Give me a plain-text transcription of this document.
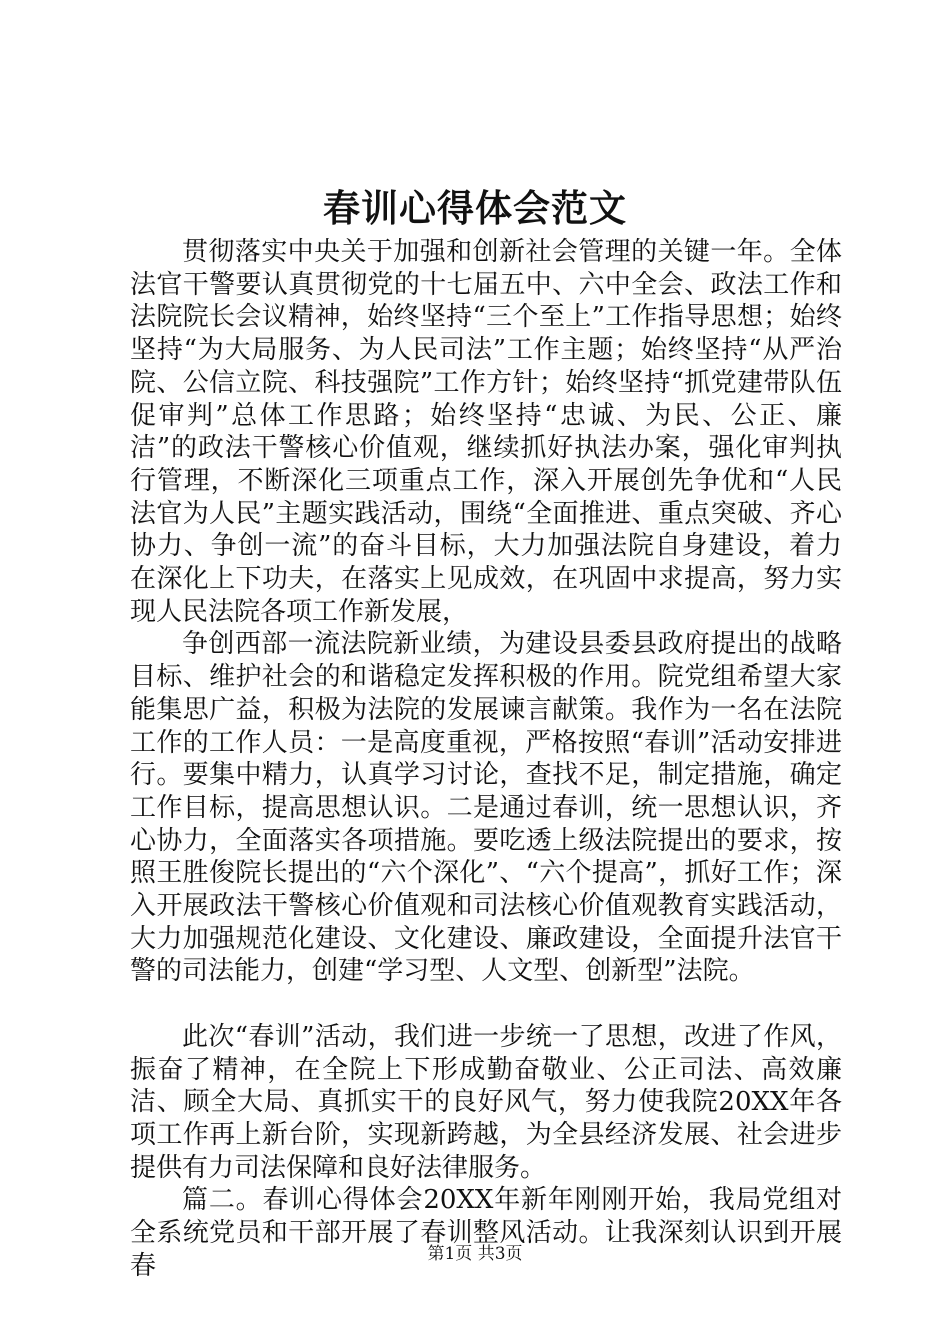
春训心得体会范文

贯彻落实中央关于加强和创新社会管理的关键一年。全体法官干警要认真贯彻党的十七届五中、六中全会、政法工作和法院院长会议精神，始终坚持“三个至上”工作指导思想；始终坚持“为大局服务、为人民司法”工作主题；始终坚持“从严治院、公信立院、科技强院”工作方针；始终坚持“抓党建带队伍促审判”总体工作思路；始终坚持“忠诚、为民、公正、廉洁”的政法干警核心价值观，继续抓好执法办案，强化审判执行管理，不断深化三项重点工作，深入开展创先争优和“人民法官为人民”主题实践活动，围绕“全面推进、重点突破、齐心协力、争创一流”的奋斗目标，大力加强法院自身建设，着力在深化上下功夫，在落实上见成效，在巩固中求提高，努力实现人民法院各项工作新发展，

争创西部一流法院新业绩，为建设县委县政府提出的战略目标、维护社会的和谐稳定发挥积极的作用。院党组希望大家能集思广益，积极为法院的发展谏言献策。我作为一名在法院工作的工作人员：一是高度重视，严格按照“春训”活动安排进行。要集中精力，认真学习讨论，查找不足，制定措施，确定工作目标，提高思想认识。二是通过春训，统一思想认识，齐心协力，全面落实各项措施。要吃透上级法院提出的要求，按照王胜俊院长提出的“六个深化”、“六个提高”，抓好工作；深入开展政法干警核心价值观和司法核心价值观教育实践活动，大力加强规范化建设、文化建设、廉政建设，全面提升法官干警的司法能力，创建“学习型、人文型、创新型”法院。

此次“春训”活动，我们进一步统一了思想，改进了作风，振奋了精神，在全院上下形成勤奋敬业、公正司法、高效廉洁、顾全大局、真抓实干的良好风气，努力使我院20XX年各项工作再上新台阶，实现新跨越，为全县经济发展、社会进步提供有力司法保障和良好法律服务。

篇二。春训心得体会20XX年新年刚刚开始，我局党组对全系统党员和干部开展了春训整风活动。让我深刻认识到开展春	第1页 共3页
